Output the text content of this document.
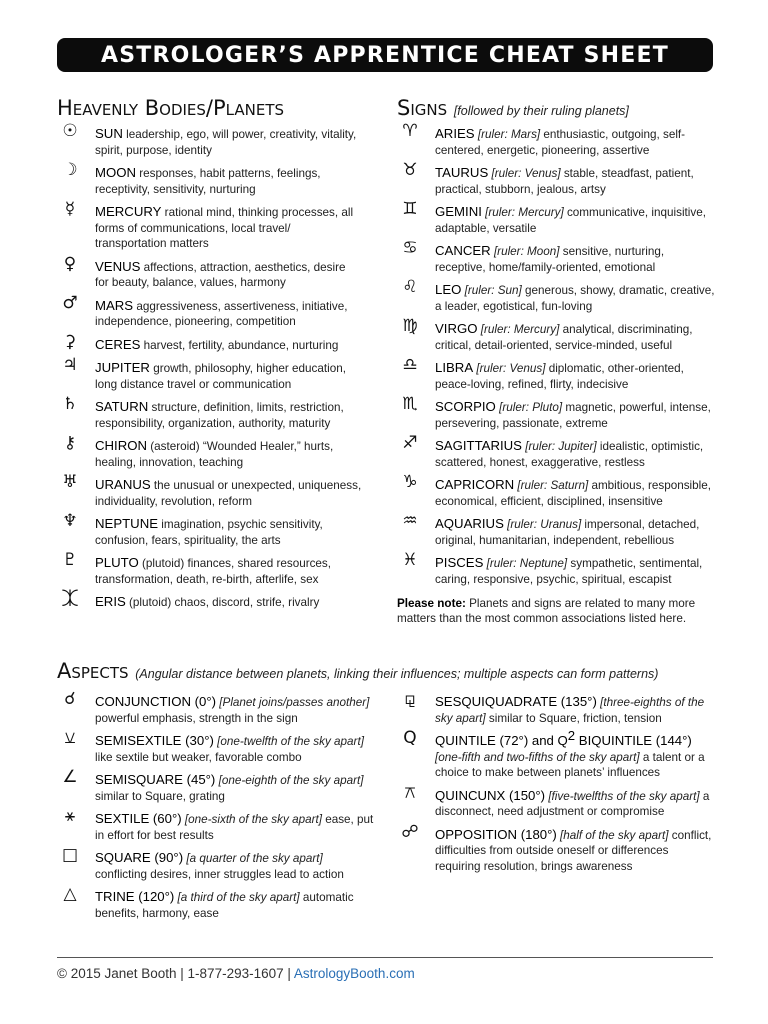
ASTROLOGER’S APPRENTICE CHEAT SHEET
Heavenly Bodies/Planets
☉	SUN leadership, ego, will power, creativity, vitality, spirit, purpose, identity
☽	MOON responses, habit patterns, feelings, receptivity, sensitivity, nurturing
☿	MERCURY rational mind, thinking processes, all forms of communications, local travel/ transportation matters
♀	VENUS affections, attraction, aesthetics, desire for beauty, balance, values, harmony
♂	MARS aggressiveness, assertiveness, initiative, independence, pioneering, competition
⚳	CERES harvest, fertility, abundance, nurturing
♃	JUPITER growth, philosophy, higher education, long distance travel or communication
♄	SATURN structure, definition, limits, restriction, responsibility, organization, authority, maturity
⚷	CHIRON (asteroid) “Wounded Healer,” hurts, healing, innovation, teaching
♅	URANUS the unusual or unexpected, uniqueness, individuality, revolution, reform
♆	NEPTUNE imagination, psychic sensitivity, confusion, fears, spirituality, the arts
♇	PLUTO (plutoid) finances, shared resources, transformation, death, re-birth, afterlife, sex
⯰	ERIS (plutoid) chaos, discord, strife, rivalry
Signs [followed by their ruling planets]
♈	ARIES [ruler: Mars] enthusiastic, outgoing, self-centered, energetic, pioneering, assertive
♉	TAURUS [ruler: Venus] stable, steadfast, patient, practical, stubborn, jealous, artsy
♊	GEMINI [ruler: Mercury] communicative, inquisitive, adaptable, versatile
♋	CANCER [ruler: Moon] sensitive, nurturing, receptive, home/family-oriented, emotional
♌	LEO [ruler: Sun] generous, showy, dramatic, creative, a leader, egotistical, fun-loving
♍	VIRGO [ruler: Mercury] analytical, discriminating, critical, detail-oriented, service-minded, useful
♎	LIBRA [ruler: Venus] diplomatic, other-oriented, peace-loving, refined, flirty, indecisive
♏	SCORPIO [ruler: Pluto] magnetic, powerful, intense, persevering, passionate, extreme
♐	SAGITTARIUS [ruler: Jupiter] idealistic, optimistic, scattered, honest, exaggerative, restless
♑	CAPRICORN [ruler: Saturn] ambitious, responsible, economical, efficient, disciplined, insensitive
♒	AQUARIUS [ruler: Uranus] impersonal, detached, original, humanitarian, independent, rebellious
♓	PISCES [ruler: Neptune] sympathetic, sentimental, caring, responsive, psychic, spiritual, escapist
Please note: Planets and signs are related to many more matters than the most common associations listed here.
Aspects (Angular distance between planets, linking their influences; multiple aspects can form patterns)
☌	CONJUNCTION (0°) [Planet joins/passes another] powerful emphasis, strength in the sign
⚺	SEMISEXTILE (30°) [one-twelfth of the sky apart] like sextile but weaker, favorable combo
∠	SEMISQUARE (45°) [one-eighth of the sky apart] similar to Square, grating
⚹	SEXTILE (60°) [one-sixth of the sky apart] ease, put in effort for best results
□	SQUARE (90°) [a quarter of the sky apart] conflicting desires, inner struggles lead to action
△	TRINE (120°) [a third of the sky apart] automatic benefits, harmony, ease
⚼	SESQUIQUADRATE (135°) [three-eighths of the sky apart] similar to Square, friction, tension
Q	QUINTILE (72°) and Q2 BIQUINTILE (144°) [one-fifth and two-fifths of the sky apart] a talent or a choice to make between planets’ influences
⚻	QUINCUNX (150°) [five-twelfths of the sky apart] a disconnect, need adjustment or compromise
☍	OPPOSITION (180°) [half of the sky apart] conflict, difficulties from outside oneself or differences requiring resolution, brings awareness
© 2015 Janet Booth | 1-877-293-1607 | AstrologyBooth.com
